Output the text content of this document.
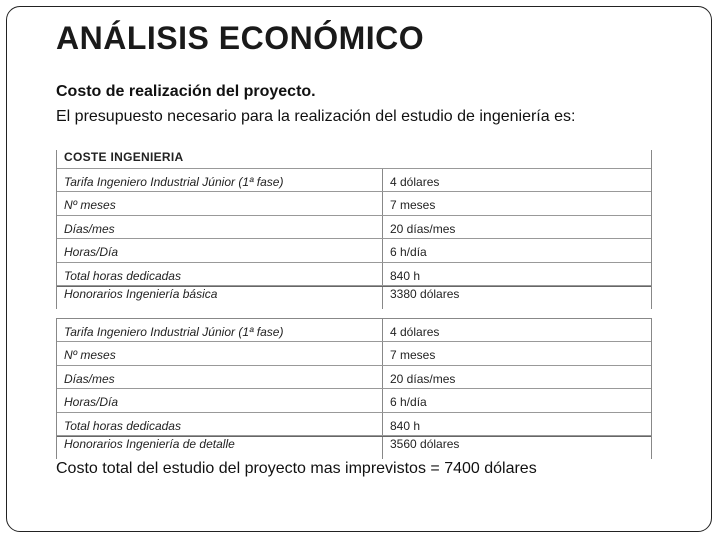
ANÁLISIS ECONÓMICO

Costo de realización del proyecto.

El presupuesto necesario para la realización del estudio de ingeniería es:

COSTE INGENIERIA
Tarifa Ingeniero Industrial Júnior (1ª fase)	4 dólares
Nº meses	7 meses
Días/mes	20 días/mes
Horas/Día	6 h/día
Total horas dedicadas	840 h
Honorarios Ingeniería básica	3380 dólares
Tarifa Ingeniero Industrial Júnior (1ª fase)	4 dólares
Nº meses	7 meses
Días/mes	20 días/mes
Horas/Día	6 h/día
Total horas dedicadas	840 h
Honorarios Ingeniería de detalle	3560 dólares

Costo total del estudio del proyecto mas imprevistos = 7400 dólares
